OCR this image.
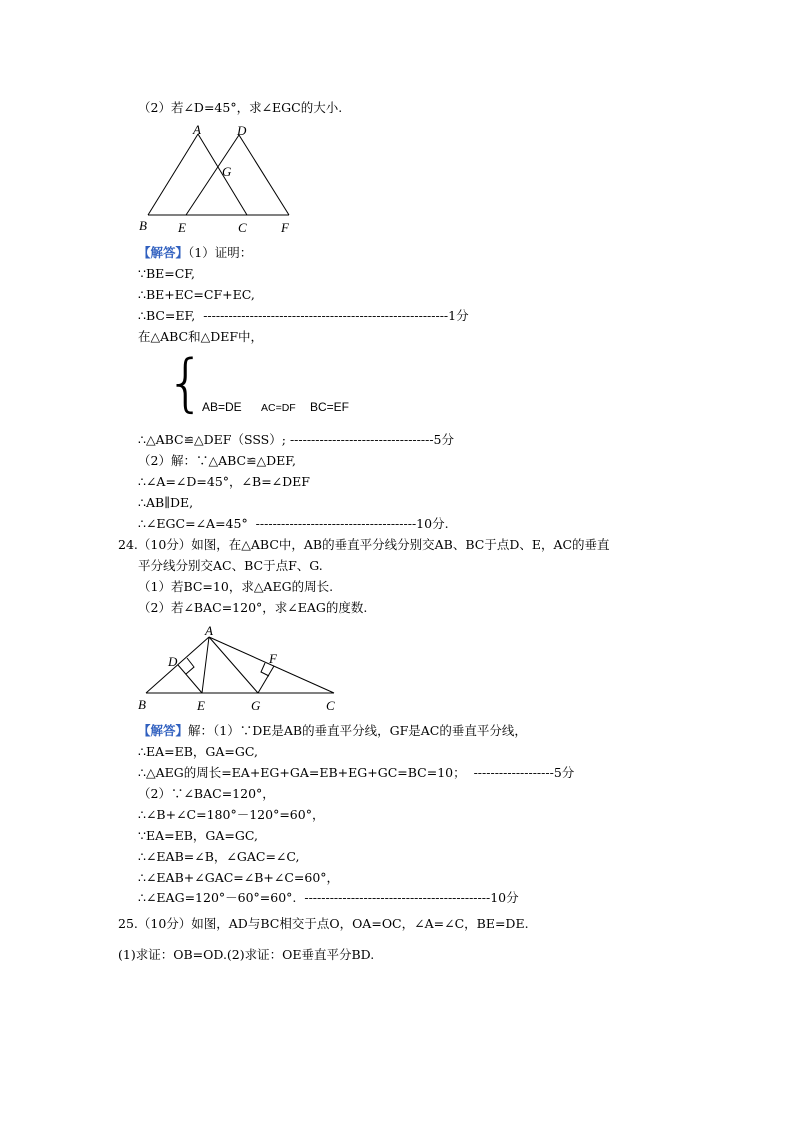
（2）若∠D=45°，求∠EGC的大小.
A	D
G
B E	C	F
【解答】（1）证明：
∵BE=CF,
∴BE+EC=CF+EC,
∴BC=EF, ----------------------------------------------------------1分
在△ABC和△DEF中，
{
AB=DE AC=DF BC=EF
∴△ABC≌△DEF（SSS）; ----------------------------------5分
（2）解：∵△ABC≌△DEF,
∴∠A=∠D=45°，∠B=∠DEF
∴AB∥DE,
∴∠EGC=∠A=45° --------------------------------------10分.
24.（10分）如图，在△ABC中，AB的垂直平分线分别交AB、BC于点D、E，AC的垂直
平分线分别交AC、BC于点F、G.
（1）若BC=10，求△AEG的周长.
（2）若∠BAC=120°，求∠EAG的度数.
A
D	F
B	E	G	C
【解答】解：（1）∵DE是AB的垂直平分线，GF是AC的垂直平分线，
∴EA=EB，GA=GC,
∴△AEG的周长=EA+EG+GA=EB+EG+GC=BC=10； -------------------5分
（2）∵∠BAC=120°，
∴∠B+∠C=180°－120°=60°，
∵EA=EB，GA=GC,
∴∠EAB=∠B，∠GAC=∠C,
∴∠EAB+∠GAC=∠B+∠C=60°，
∴∠EAG=120°－60°=60°. --------------------------------------------10分
25.（10分）如图，AD与BC相交于点O，OA=OC，∠A=∠C，BE=DE.
(1)求证：OB=OD.(2)求证：OE垂直平分BD.
